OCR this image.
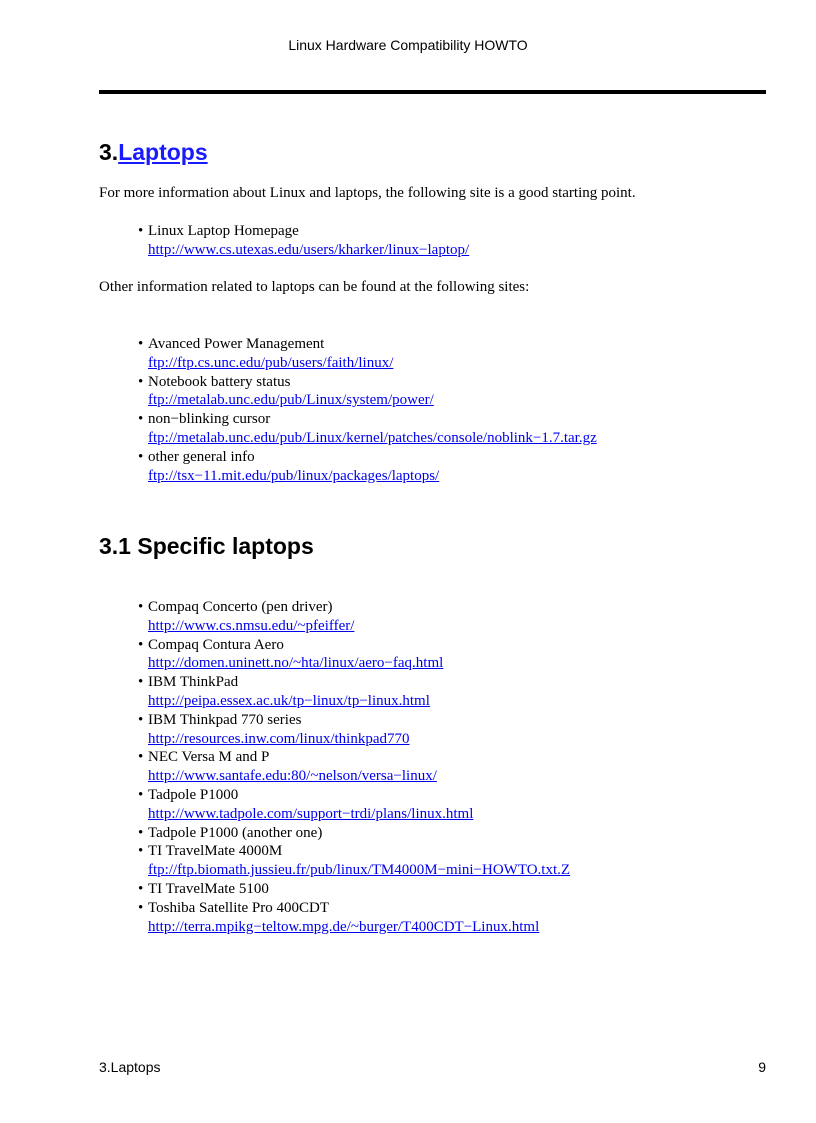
Linux Hardware Compatibility HOWTO
3.Laptops

For more information about Linux and laptops, the following site is a good starting point.

• Linux Laptop Homepage
http://www.cs.utexas.edu/users/kharker/linux−laptop/

Other information related to laptops can be found at the following sites:

• Avanced Power Management
ftp://ftp.cs.unc.edu/pub/users/faith/linux/
• Notebook battery status
ftp://metalab.unc.edu/pub/Linux/system/power/
• non−blinking cursor
ftp://metalab.unc.edu/pub/Linux/kernel/patches/console/noblink−1.7.tar.gz
• other general info
ftp://tsx−11.mit.edu/pub/linux/packages/laptops/
3.1 Specific laptops
• Compaq Concerto (pen driver)
http://www.cs.nmsu.edu/~pfeiffer/
• Compaq Contura Aero
http://domen.uninett.no/~hta/linux/aero−faq.html
• IBM ThinkPad
http://peipa.essex.ac.uk/tp−linux/tp−linux.html
• IBM Thinkpad 770 series
http://resources.inw.com/linux/thinkpad770
• NEC Versa M and P
http://www.santafe.edu:80/~nelson/versa−linux/
• Tadpole P1000
http://www.tadpole.com/support−trdi/plans/linux.html
• Tadpole P1000 (another one)
• TI TravelMate 4000M
ftp://ftp.biomath.jussieu.fr/pub/linux/TM4000M−mini−HOWTO.txt.Z
• TI TravelMate 5100
• Toshiba Satellite Pro 400CDT
http://terra.mpikg−teltow.mpg.de/~burger/T400CDT−Linux.html
3.Laptops	9
